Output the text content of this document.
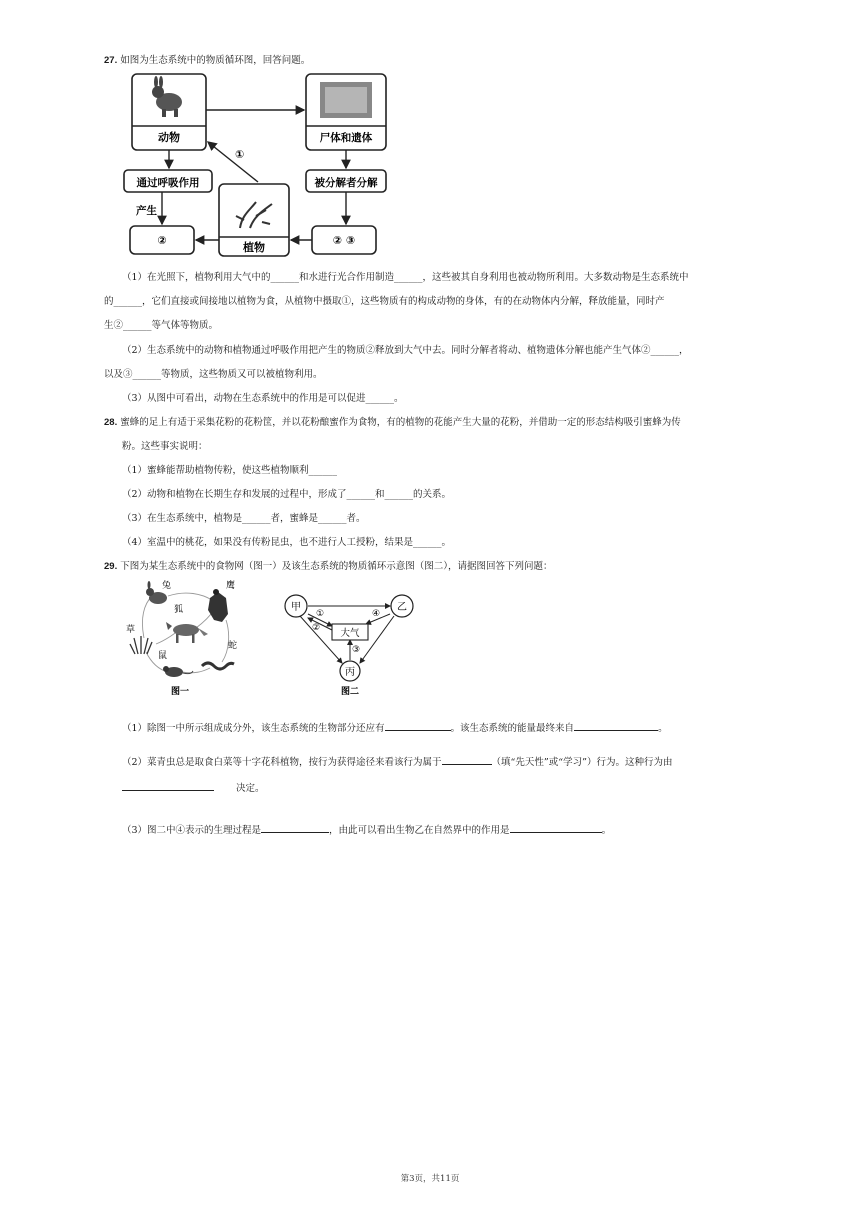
27. 如图为生态系统中的物质循环图，回答问题。
动物	尸体和遗体
通过呼吸作用
产生
被分解者分解
②
植物
② ③
①
（1）在光照下，植物利用大气中的______和水进行光合作用制造______，这些被其自身利用也被动物所利用。大多数动物是生态系统中
的______，它们直接或间接地以植物为食，从植物中摄取①，这些物质有的构成动物的身体，有的在动物体内分解，释放能量，同时产
生②______等气体等物质。
（2）生态系统中的动物和植物通过呼吸作用把产生的物质②释放到大气中去。同时分解者将动、植物遗体分解也能产生气体②______，
以及③______等物质，这些物质又可以被植物利用。
（3）从图中可看出，动物在生态系统中的作用是可以促进______。
28. 蜜蜂的足上有适于采集花粉的花粉筐，并以花粉酿蜜作为食物，有的植物的花能产生大量的花粉，并借助一定的形态结构吸引蜜蜂为传
粉。这些事实说明：
（1）蜜蜂能帮助植物传粉，使这些植物顺利______
（2）动物和植物在长期生存和发展的过程中，形成了______和______的关系。
（3）在生态系统中，植物是______者，蜜蜂是______者。
（4）室温中的桃花，如果没有传粉昆虫，也不进行人工授粉，结果是______。
29. 下图为某生态系统中的食物网（图一）及该生态系统的物质循环示意图（图二），请据图回答下列问题：
兔	鹰
狐
草
鼠
蛇
图一
甲	乙
丙
大气
①
②
③
④
图二
（1）除图一中所示组成成分外，该生态系统的生物部分还应有	。该生态系统的能量最终来自	。
（2）菜青虫总是取食白菜等十字花科植物，按行为获得途径来看该行为属于	（填“先天性”或“学习”）行为。这种行为由
决定。
（3）图二中④表示的生理过程是	，由此可以看出生物乙在自然界中的作用是	。
第3页，共11页
